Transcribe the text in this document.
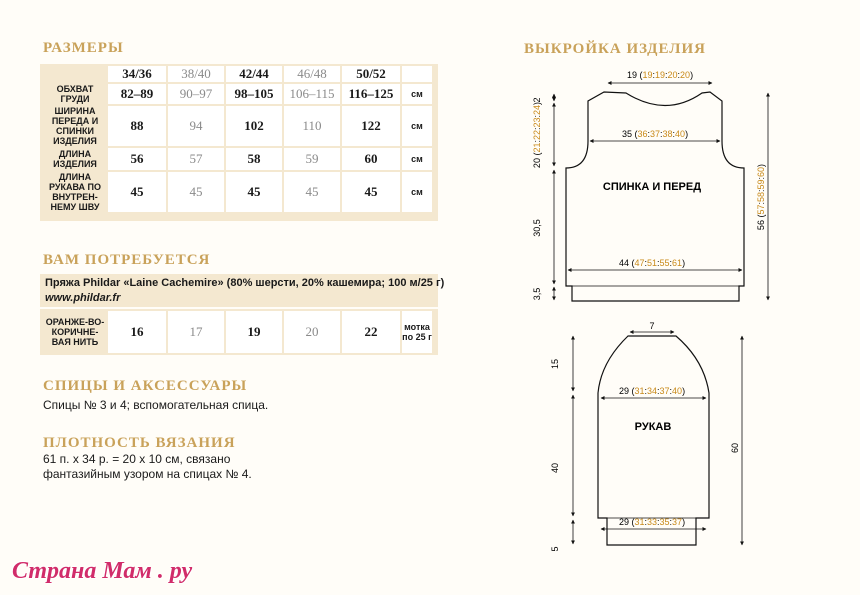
РАЗМЕРЫ
	34/36	38/40	42/44	46/48	50/52	
ОБХВАТ ГРУДИ	82–89	90–97	98–105	106–115	116–125	см
ШИРИНА ПЕРЕДА И СПИНКИ ИЗДЕЛИЯ	88	94	102	110	122	см
ДЛИНА ИЗДЕЛИЯ	56	57	58	59	60	см
ДЛИНА РУКАВА ПО ВНУТРЕН-НЕМУ ШВУ	45	45	45	45	45	см
ВАМ ПОТРЕБУЕТСЯ
Пряжа Phildar «Laine Cachemire» (80% шерсти, 20% кашемира; 100 м/25 г)
www.phildar.fr
ОРАНЖЕ-ВО-КОРИЧНЕ-ВАЯ НИТЬ	16	17	19	20	22	мотка по 25 г
СПИЦЫ И АКСЕССУАРЫ
Спицы № 3 и 4; вспомогательная спица.
ПЛОТНОСТЬ ВЯЗАНИЯ
61 п. х 34 р. = 20 х 10 см, связано
фантазийным узором на спицах № 4.
ВЫКРОЙКА ИЗДЕЛИЯ
19 (19:19:20:20)
35 (36:37:38:40)
44 (47:51:55:61)
СПИНКА И ПЕРЕД
2
20 (21:22:23:24)
30,5
3,5
56 (57:58:59:60)
7
15
29 (31:34:37:40)
РУКАВ
40
29 (31:33:35:37)
5
60
Страна Мам . ру
